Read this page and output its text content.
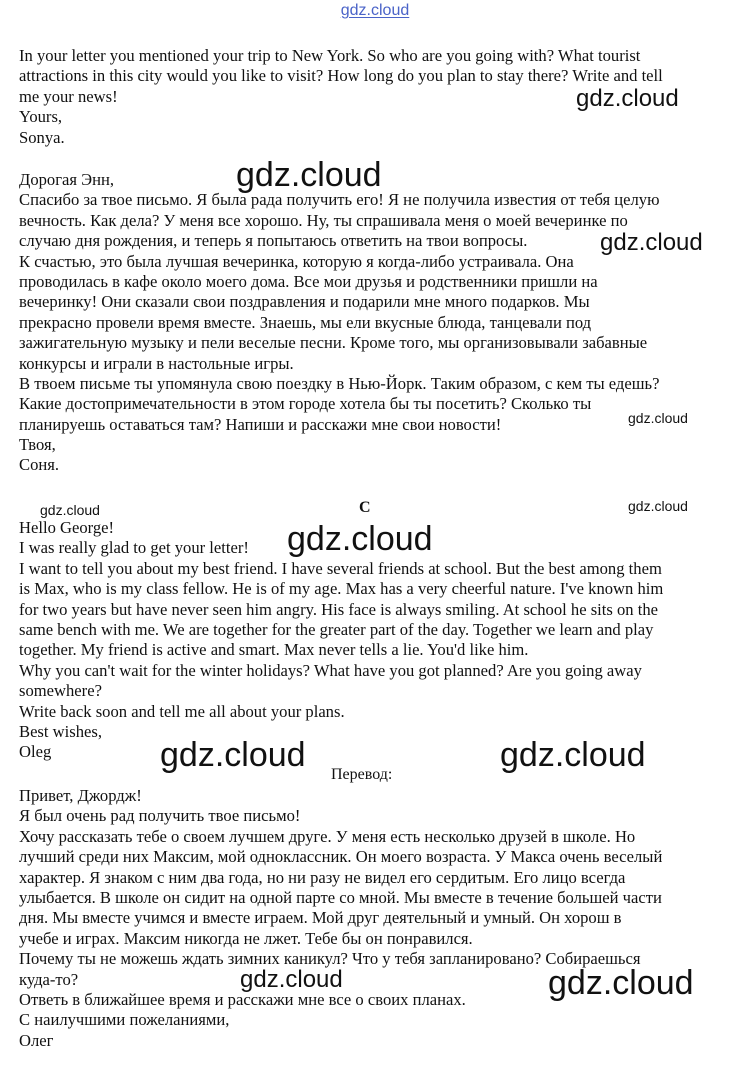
gdz.cloud
In your letter you mentioned your trip to New York. So who are you going with? What tourist
attractions in this city would you like to visit? How long do you plan to stay there? Write and tell
me your news!
Yours,
Sonya.
Дорогая Энн,
Спасибо за твое письмо. Я была рада получить его! Я не получила известия от тебя целую
вечность. Как дела? У меня все хорошо. Ну, ты спрашивала меня о моей вечеринке по
случаю дня рождения, и теперь я попытаюсь ответить на твои вопросы.
К счастью, это была лучшая вечеринка, которую я когда-либо устраивала. Она
проводилась в кафе около моего дома. Все мои друзья и родственники пришли на
вечеринку! Они сказали свои поздравления и подарили мне много подарков. Мы
прекрасно провели время вместе. Знаешь, мы ели вкусные блюда, танцевали под
зажигательную музыку и пели веселые песни. Кроме того, мы организовывали забавные
конкурсы и играли в настольные игры.
В твоем письме ты упомянула свою поездку в Нью-Йорк. Таким образом, с кем ты едешь?
Какие достопримечательности в этом городе хотела бы ты посетить? Сколько ты
планируешь оставаться там? Напиши и расскажи мне свои новости!
Твоя,
Соня.
C
Hello George!
I was really glad to get your letter!
I want to tell you about my best friend. I have several friends at school. But the best among them
is Max, who is my class fellow. He is of my age. Max has a very cheerful nature. I've known him
for two years but have never seen him angry. His face is always smiling. At school he sits on the
same bench with me. We are together for the greater part of the day. Together we learn and play
together. My friend is active and smart. Max never tells a lie. You'd like him.
Why you can't wait for the winter holidays? What have you got planned? Are you going away
somewhere?
Write back soon and tell me all about your plans.
Best wishes,
Oleg
Перевод:
Привет, Джордж!
Я был очень рад получить твое письмо!
Хочу рассказать тебе о своем лучшем друге. У меня есть несколько друзей в школе. Но
лучший среди них Максим, мой одноклассник. Он моего возраста. У Макса очень веселый
характер. Я знаком с ним два года, но ни разу не видел его сердитым. Его лицо всегда
улыбается. В школе он сидит на одной парте со мной. Мы вместе в течение большей части
дня. Мы вместе учимся и вместе играем. Мой друг деятельный и умный. Он хорош в
учебе и играх. Максим никогда не лжет. Тебе бы он понравился.
Почему ты не можешь ждать зимних каникул? Что у тебя запланировано? Собираешься
куда-то?
Ответь в ближайшее время и расскажи мне все о своих планах.
С наилучшими пожеланиями,
Олег
gdz.cloud
gdz.cloud
gdz.cloud
gdz.cloud
gdz.cloud	gdz.cloud
gdz.cloud
gdz.cloud	gdz.cloud
gdz.cloud	gdz.cloud
